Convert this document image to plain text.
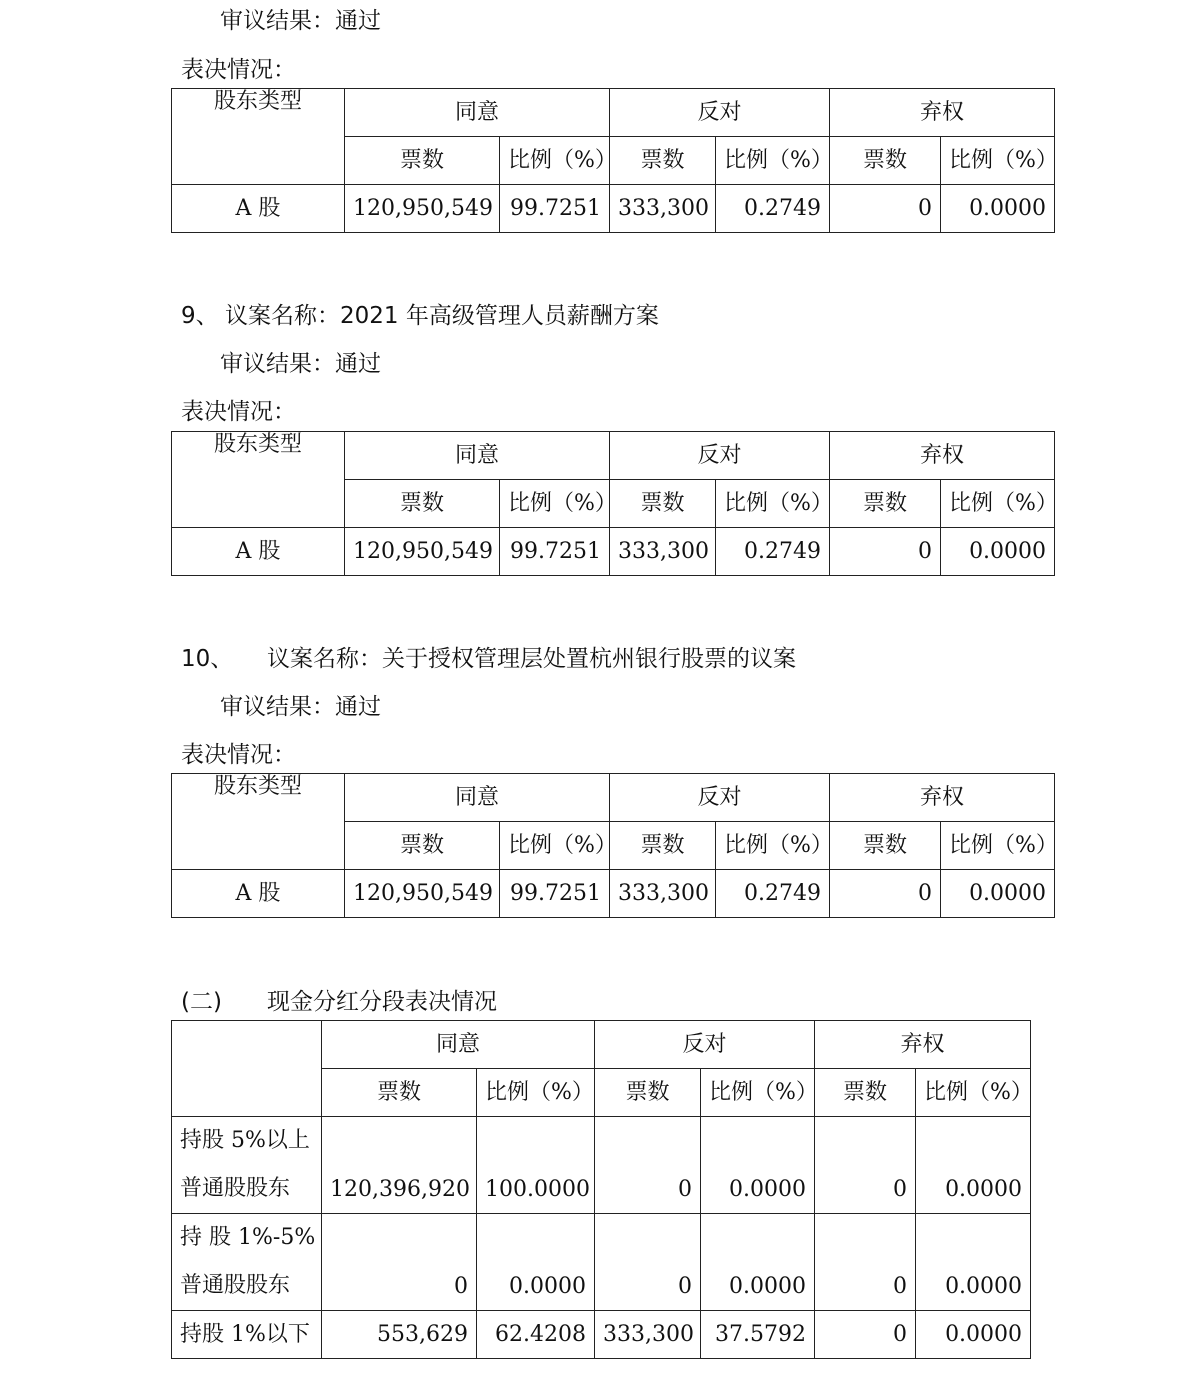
审议结果：通过
表决情况：
股东类型	同意		反对		弃权	
	票数	比例（%）	票数	比例（%）	票数	比例（%）
A 股	120,950,549	99.7251	333,300	0.2749	0	0.0000
9、 议案名称：2021 年高级管理人员薪酬方案
审议结果：通过
表决情况：
股东类型	同意		反对		弃权	
	票数	比例（%）	票数	比例（%）	票数	比例（%）
A 股	120,950,549	99.7251	333,300	0.2749	0	0.0000
10、 议案名称：关于授权管理层处置杭州银行股票的议案
审议结果：通过
表决情况：
股东类型	同意		反对		弃权	
	票数	比例（%）	票数	比例（%）	票数	比例（%）
A 股	120,950,549	99.7251	333,300	0.2749	0	0.0000
(二) 现金分红分段表决情况
	同意		反对		弃权	
	票数	比例（%）	票数	比例（%）	票数	比例（%）

持股 5%以上
普通股股东	120,396,920	100.0000	0	0.0000	0	0.0000

持 股 1%-5%
普通股股东	0	0.0000	0	0.0000	0	0.0000
持股 1%以下	553,629	62.4208	333,300	37.5792	0	0.0000
